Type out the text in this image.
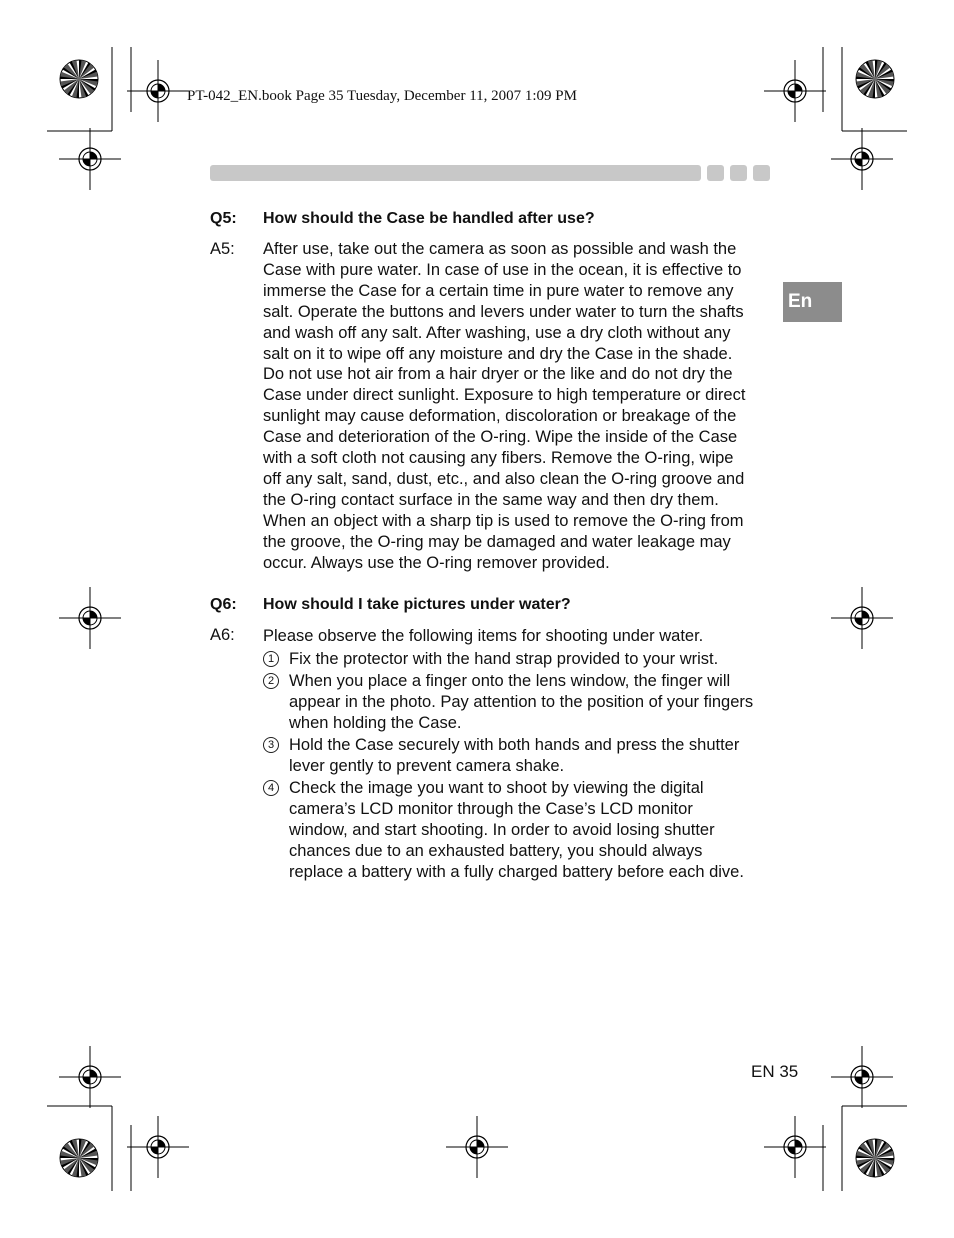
PT-042_EN.book Page 35 Tuesday, December 11, 2007 1:09 PM
En
Q5: How should the Case be handled after use?
A5: After use, take out the camera as soon as possible and wash the
Case with pure water. In case of use in the ocean, it is effective to
immerse the Case for a certain time in pure water to remove any
salt. Operate the buttons and levers under water to turn the shafts
and wash off any salt. After washing, use a dry cloth without any
salt on it to wipe off any moisture and dry the Case in the shade.
Do not use hot air from a hair dryer or the like and do not dry the
Case under direct sunlight. Exposure to high temperature or direct
sunlight may cause deformation, discoloration or breakage of the
Case and deterioration of the O-ring. Wipe the inside of the Case
with a soft cloth not causing any fibers. Remove the O-ring, wipe
off any salt, sand, dust, etc., and also clean the O-ring groove and
the O-ring contact surface in the same way and then dry them.
When an object with a sharp tip is used to remove the O-ring from
the groove, the O-ring may be damaged and water leakage may
occur. Always use the O-ring remover provided.

Q6: How should I take pictures under water?
A6: Please observe the following items for shooting under water.
1 Fix the protector with the hand strap provided to your wrist.
2 When you place a finger onto the lens window, the finger will
appear in the photo. Pay attention to the position of your fingers
when holding the Case.
3 Hold the Case securely with both hands and press the shutter
lever gently to prevent camera shake.
4 Check the image you want to shoot by viewing the digital
camera’s LCD monitor through the Case’s LCD monitor
window, and start shooting. In order to avoid losing shutter
chances due to an exhausted battery, you should always
replace a battery with a fully charged battery before each dive.
EN 35
